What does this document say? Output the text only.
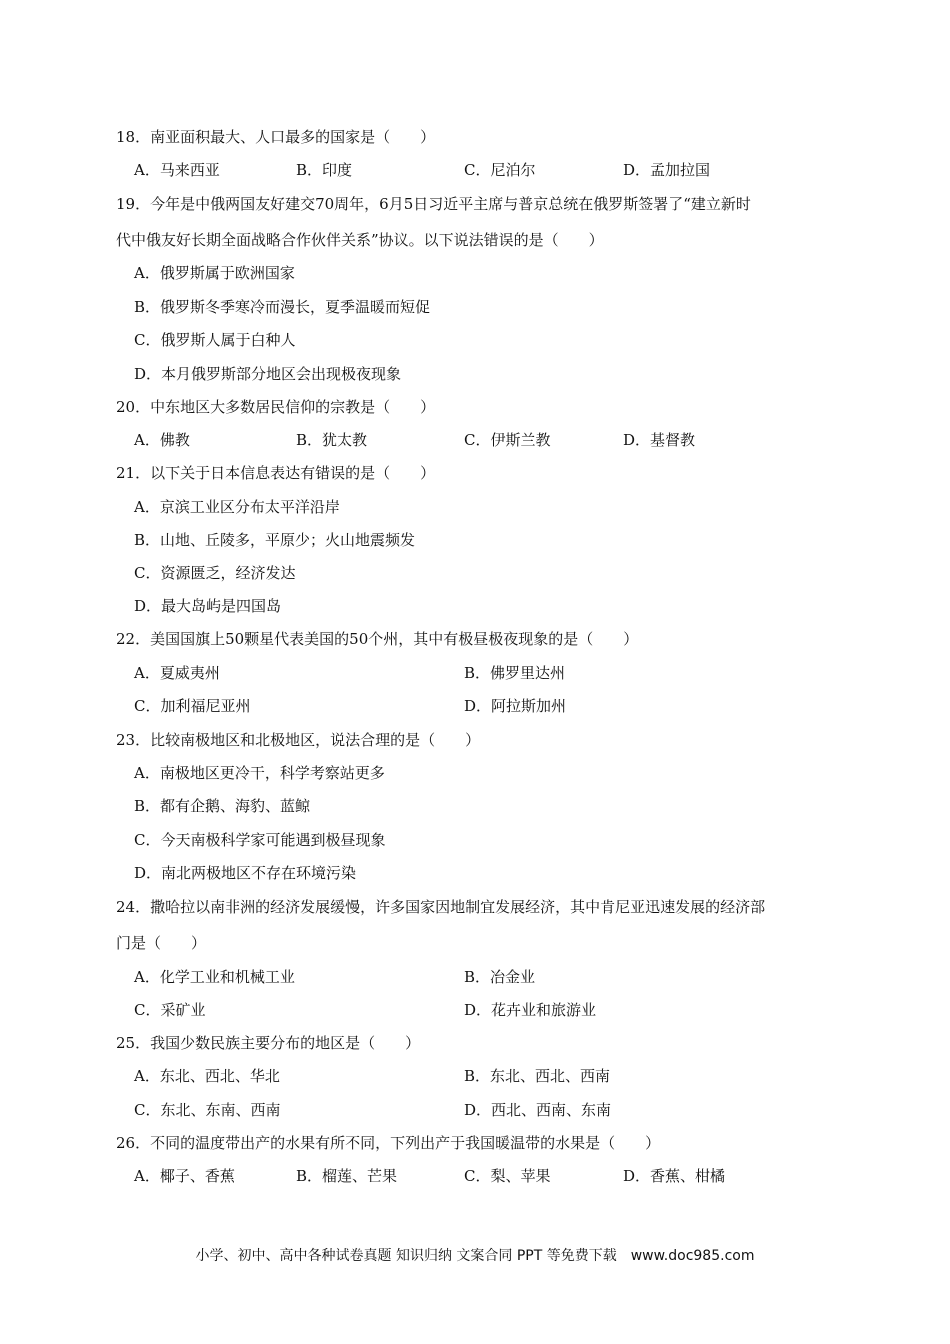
18．南亚面积最大、人口最多的国家是（　　）
A．马来西亚	B．印度	C．尼泊尔	D．孟加拉国
19．今年是中俄两国友好建交70周年，6月5日习近平主席与普京总统在俄罗斯签署了“建立新时
代中俄友好长期全面战略合作伙伴关系”协议。以下说法错误的是（　　）
A．俄罗斯属于欧洲国家
B．俄罗斯冬季寒冷而漫长，夏季温暖而短促
C．俄罗斯人属于白种人
D．本月俄罗斯部分地区会出现极夜现象
20．中东地区大多数居民信仰的宗教是（　　）
A．佛教	B．犹太教	C．伊斯兰教	D．基督教
21．以下关于日本信息表达有错误的是（　　）
A．京滨工业区分布太平洋沿岸
B．山地、丘陵多，平原少；火山地震频发
C．资源匮乏，经济发达
D．最大岛屿是四国岛
22．美国国旗上50颗星代表美国的50个州，其中有极昼极夜现象的是（　　）
A．夏威夷州	B．佛罗里达州
C．加利福尼亚州	D．阿拉斯加州
23．比较南极地区和北极地区，说法合理的是（　　）
A．南极地区更冷干，科学考察站更多
B．都有企鹅、海豹、蓝鲸
C．今天南极科学家可能遇到极昼现象
D．南北两极地区不存在环境污染
24．撒哈拉以南非洲的经济发展缓慢，许多国家因地制宜发展经济，其中肯尼亚迅速发展的经济部
门是（　　）
A．化学工业和机械工业	B．冶金业
C．采矿业	D．花卉业和旅游业
25．我国少数民族主要分布的地区是（　　）
A．东北、西北、华北	B．东北、西北、西南
C．东北、东南、西南	D．西北、西南、东南
26．不同的温度带出产的水果有所不同，下列出产于我国暖温带的水果是（　　）
A．椰子、香蕉	B．榴莲、芒果	C．梨、苹果	D．香蕉、柑橘
小学、初中、高中各种试卷真题 知识归纳 文案合同 PPT 等免费下载　www.doc985.com
